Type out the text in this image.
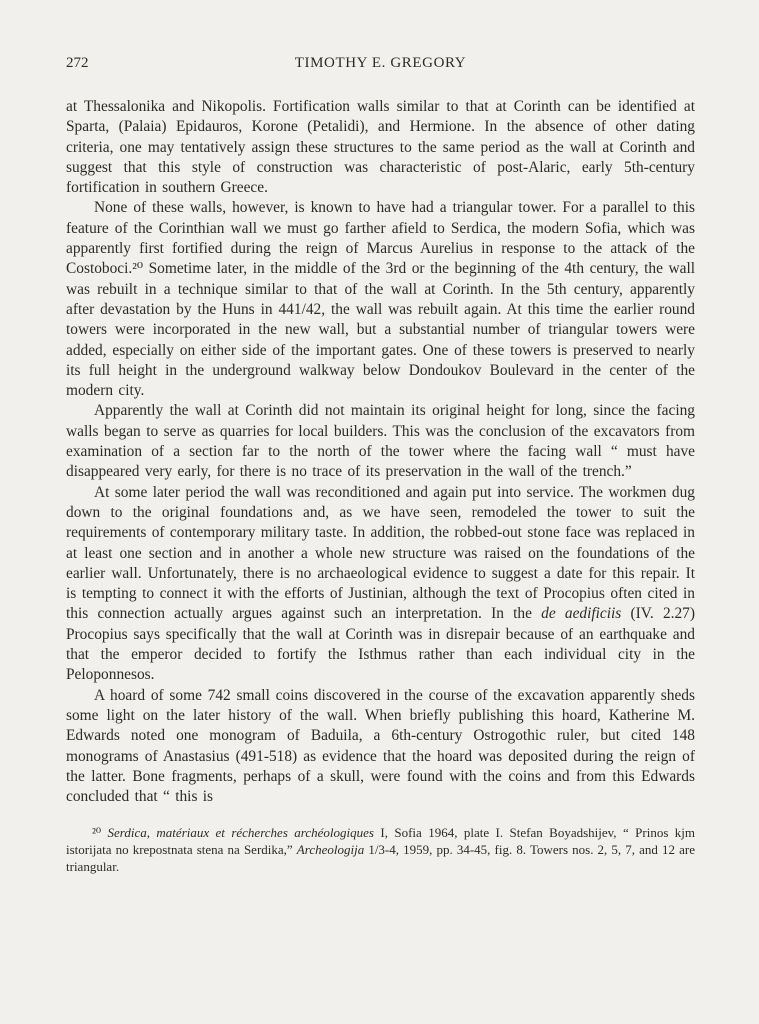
272	TIMOTHY E. GREGORY

at Thessalonika and Nikopolis. Fortification walls similar to that at Corinth can be identified at Sparta, (Palaia) Epidauros, Korone (Petalidi), and Hermione. In the absence of other dating criteria, one may tentatively assign these structures to the same period as the wall at Corinth and suggest that this style of construction was characteristic of post-Alaric, early 5th-century fortification in southern Greece.

None of these walls, however, is known to have had a triangular tower. For a parallel to this feature of the Corinthian wall we must go farther afield to Serdica, the modern Sofia, which was apparently first fortified during the reign of Marcus Aurelius in response to the attack of the Costoboci.²⁰ Sometime later, in the middle of the 3rd or the beginning of the 4th century, the wall was rebuilt in a technique similar to that of the wall at Corinth. In the 5th century, apparently after devastation by the Huns in 441/42, the wall was rebuilt again. At this time the earlier round towers were incorporated in the new wall, but a substantial number of triangular towers were added, especially on either side of the important gates. One of these towers is preserved to nearly its full height in the underground walkway below Dondoukov Boulevard in the center of the modern city.

Apparently the wall at Corinth did not maintain its original height for long, since the facing walls began to serve as quarries for local builders. This was the conclusion of the excavators from examination of a section far to the north of the tower where the facing wall “ must have disappeared very early, for there is no trace of its preservation in the wall of the trench.”

At some later period the wall was reconditioned and again put into service. The workmen dug down to the original foundations and, as we have seen, remodeled the tower to suit the requirements of contemporary military taste. In addition, the robbed-out stone face was replaced in at least one section and in another a whole new structure was raised on the foundations of the earlier wall. Unfortunately, there is no archaeological evidence to suggest a date for this repair. It is tempting to connect it with the efforts of Justinian, although the text of Procopius often cited in this connection actually argues against such an interpretation. In the de aedificiis (IV. 2.27) Procopius says specifically that the wall at Corinth was in disrepair because of an earthquake and that the emperor decided to fortify the Isthmus rather than each individual city in the Peloponnesos.

A hoard of some 742 small coins discovered in the course of the excavation apparently sheds some light on the later history of the wall. When briefly publishing this hoard, Katherine M. Edwards noted one monogram of Baduila, a 6th-century Ostrogothic ruler, but cited 148 monograms of Anastasius (491-518) as evidence that the hoard was deposited during the reign of the latter. Bone fragments, perhaps of a skull, were found with the coins and from this Edwards concluded that “ this is

²⁰ Serdica, matériaux et récherches archéologiques I, Sofia 1964, plate I. Stefan Boyadshijev, “ Prinos kjm istorijata no krepostnata stena na Serdika,” Archeologija 1/3-4, 1959, pp. 34-45, fig. 8. Towers nos. 2, 5, 7, and 12 are triangular.
